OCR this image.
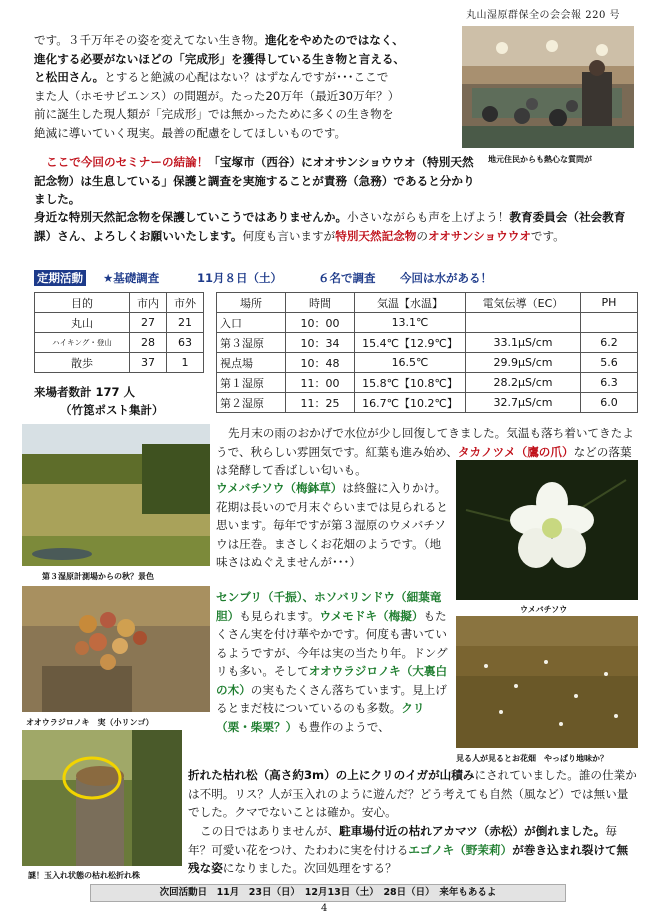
丸山湿原群保全の会会報 220 号
地元住民からも熱心な質問が
です。３千万年その姿を変えてない生き物。進化をやめたのではなく、
進化する必要がないほどの「完成形」を獲得している生き物と言える、
と松田さん。とすると絶滅の心配はない？はずなんですが･･･ここで
また人（ホモサピエンス）の問題が。たった20万年（最近30万年？）
前に誕生した現人類が「完成形」では無かったために多くの生き物を
絶滅に導いていく現実。最善の配慮をしてほしいものです。
ここで今回のセミナーの結論！「宝塚市（西谷）にオオサンショウウオ（特別天然記念物）は生息している」保護と調査を実施することが責務（急務）であると分かりました。

身近な特別天然記念物を保護していこうではありませんか。小さいながらも声を上げよう！教育委員会（社会教育課）さん、よろしくお願いいたします。何度も言いますが特別天然記念物のオオサンショウウオです。
定期活動 ★基礎調査	11月８日（土）	６名で調査 今回は水がある！
目的	市内	市外
丸山	27	21
ハイキング・登山	28	63
散歩	37	1
来場者数計 177 人
（竹箆ポスト集計）
場所	時間	気温【水温】	電気伝導（EC）	PH
入口	10：00	13.1℃		
第３湿原	10：34	15.4℃【12.9℃】	33.1μS/cm	6.2
視点場	10：48	16.5℃	29.9μS/cm	5.6
第１湿原	11：00	15.8℃【10.8℃】	28.2μS/cm	6.3
第２湿原	11：25	16.7℃【10.2℃】	32.7μS/cm	6.0
第３湿原計測場からの秋？景色
オオウラジロノキ　実（小リンゴ）
謎！玉入れ状態の枯れ松折れ株
ウメバチソウ
見る人が見るとお花畑　やっぱり地味か？
先月末の雨のおかげで水位が少し回復してきました。気温も落ち着いてきたようで、秋らしい雰囲気です。紅葉も進み始め、タカノツメ（鷹の爪）などの落葉は発酵して香ばしい匂いも。
ウメバチソウ（梅鉢草）は終盤に入りかけ。花期は長いので月末ぐらいまでは見られると思います。毎年ですが第３湿原のウメバチソウは圧巻。まさしくお花畑のようです。（地味さはぬぐえませんが･･･）
センブリ（千振）、ホソバリンドウ（細葉竜胆）も見られます。ウメモドキ（梅擬）もたくさん実を付け華やかです。何度も書いているようですが、今年は実の当たり年。ドングリも多い。そしてオオウラジロノキ（大裏白の木）の実もたくさん落ちています。見上げるとまだ枝についているのも多数。クリ（栗・柴栗？）も豊作のようで、
折れた枯れ松（高さ約3m）の上にクリのイガが山積みにされていました。誰の仕業かは不明。リス？人が玉入れのように遊んだ？どう考えても自然（風など）では無い量でした。クマでないことは確か。安心。
この日ではありませんが、駐車場付近の枯れアカマツ（赤松）が倒れました。毎年？可愛い花をつけ、たわわに実を付けるエゴノキ（野茉莉）が巻き込まれ裂けて無残な姿になりました。次回処理をする？
次回活動日　11月　23日（日）　12月13日（土）　28日（日）　来年もあるよ
4
